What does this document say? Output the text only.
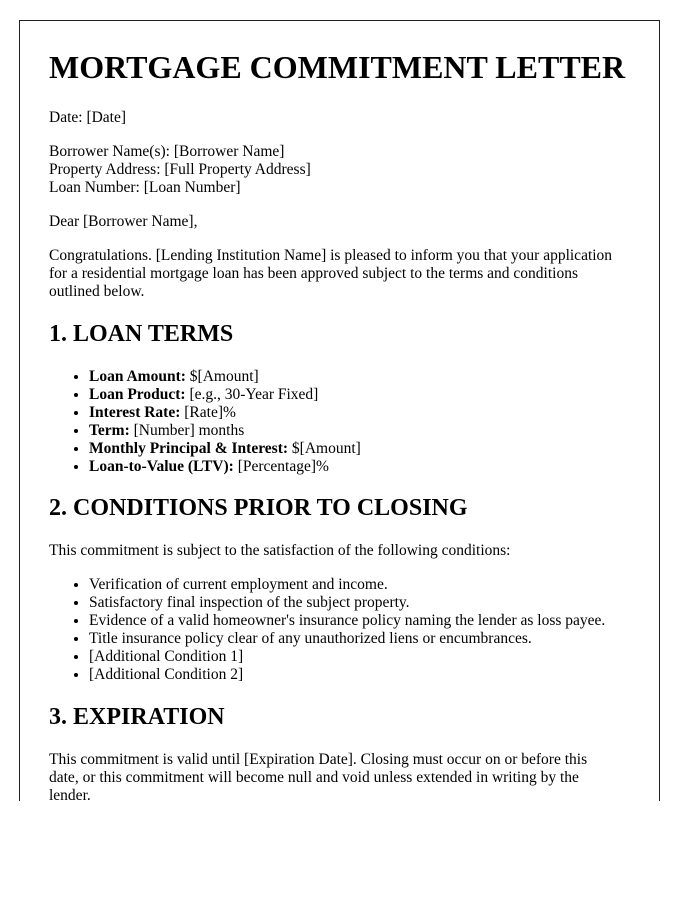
MORTGAGE COMMITMENT LETTER

Date: [Date]

Borrower Name(s): [Borrower Name]
Property Address: [Full Property Address]
Loan Number: [Loan Number]

Dear [Borrower Name],

Congratulations. [Lending Institution Name] is pleased to inform you that your application
for a residential mortgage loan has been approved subject to the terms and conditions
outlined below.

1. LOAN TERMS
• Loan Amount: $[Amount]
• Loan Product: [e.g., 30-Year Fixed]
• Interest Rate: [Rate]%
• Term: [Number] months
• Monthly Principal & Interest: $[Amount]
• Loan-to-Value (LTV): [Percentage]%
2. CONDITIONS PRIOR TO CLOSING

This commitment is subject to the satisfaction of the following conditions:

• Verification of current employment and income.
• Satisfactory final inspection of the subject property.
• Evidence of a valid homeowner's insurance policy naming the lender as loss payee.
• Title insurance policy clear of any unauthorized liens or encumbrances.
• [Additional Condition 1]
• [Additional Condition 2]
3. EXPIRATION

This commitment is valid until [Expiration Date]. Closing must occur on or before this
date, or this commitment will become null and void unless extended in writing by the
lender.
